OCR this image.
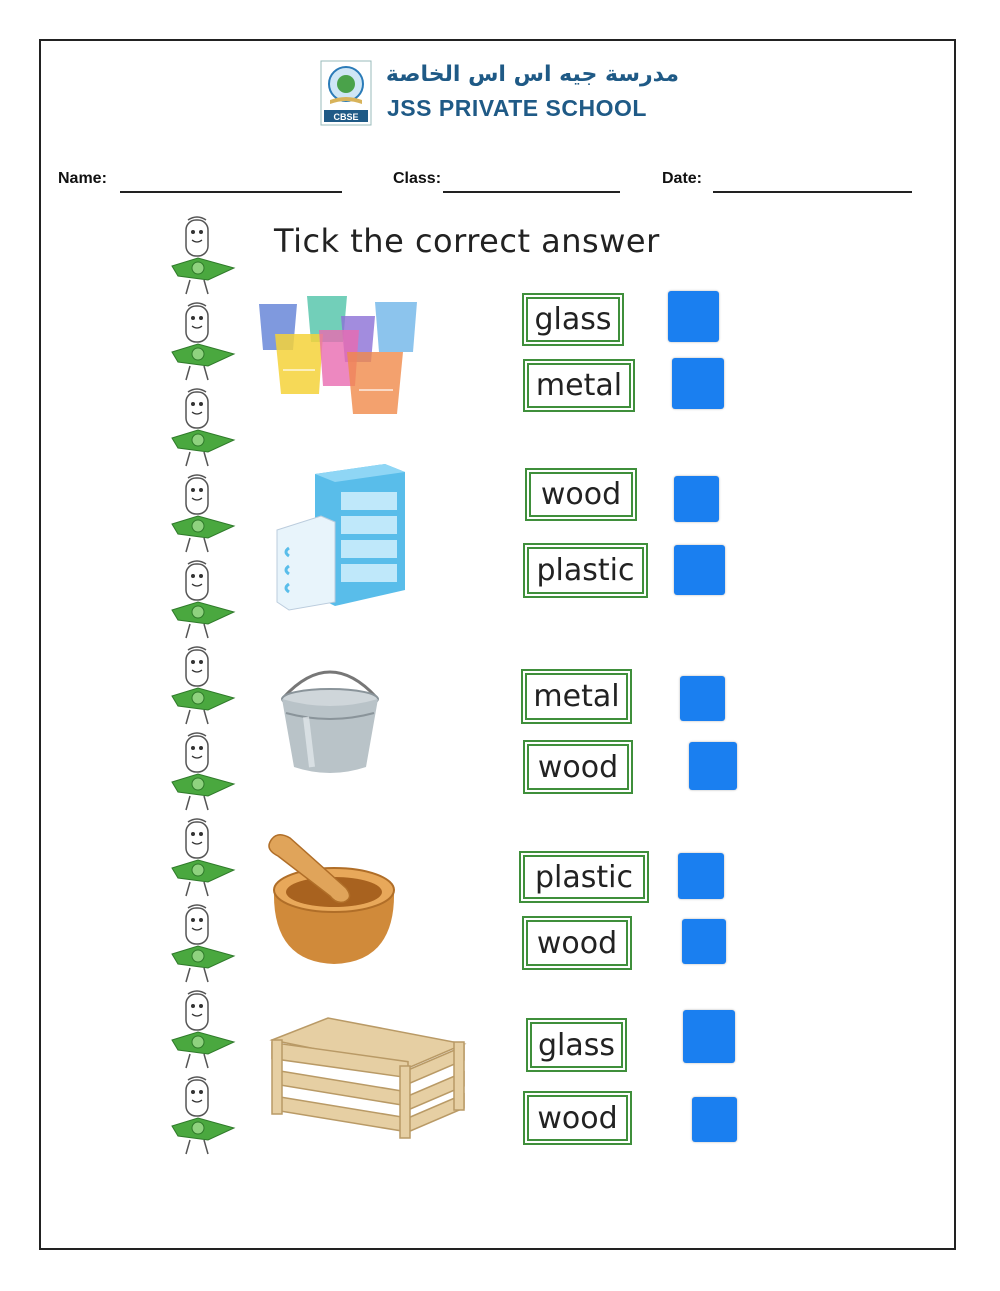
CBSE
مدرسة جيه اس اس الخاصة
JSS PRIVATE SCHOOL
Name:	Class:	Date:
Tick the correct answer
glass
metal
wood
plastic
metal
wood
plastic
wood
glass
wood
